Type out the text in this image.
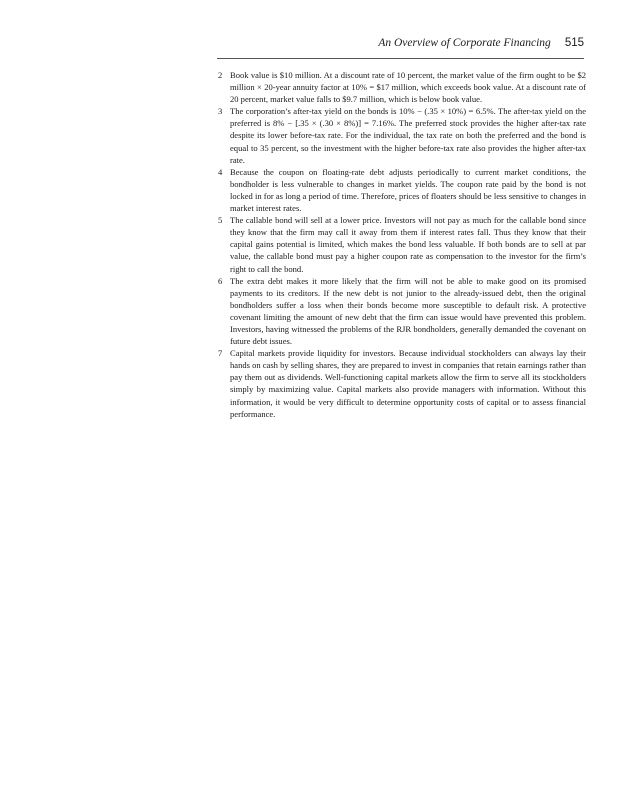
An Overview of Corporate Financing 515
2 Book value is $10 million. At a discount rate of 10 percent, the market value of the firm ought to be $2 million × 20-year annuity factor at 10% = $17 million, which exceeds book value. At a discount rate of 20 percent, market value falls to $9.7 million, which is below book value.
3 The corporation’s after-tax yield on the bonds is 10% − (.35 × 10%) = 6.5%. The after-tax yield on the preferred is 8% − [.35 × (.30 × 8%)] = 7.16%. The preferred stock provides the higher after-tax rate despite its lower before-tax rate. For the individual, the tax rate on both the preferred and the bond is equal to 35 percent, so the investment with the higher before-tax rate also provides the higher after-tax rate.
4 Because the coupon on floating-rate debt adjusts periodically to current market conditions, the bondholder is less vulnerable to changes in market yields. The coupon rate paid by the bond is not locked in for as long a period of time. Therefore, prices of floaters should be less sensitive to changes in market interest rates.
5 The callable bond will sell at a lower price. Investors will not pay as much for the callable bond since they know that the firm may call it away from them if interest rates fall. Thus they know that their capital gains potential is limited, which makes the bond less valuable. If both bonds are to sell at par value, the callable bond must pay a higher coupon rate as compensation to the investor for the firm’s right to call the bond.
6 The extra debt makes it more likely that the firm will not be able to make good on its promised payments to its creditors. If the new debt is not junior to the already-issued debt, then the original bondholders suffer a loss when their bonds become more susceptible to default risk. A protective covenant limiting the amount of new debt that the firm can issue would have prevented this problem. Investors, having witnessed the problems of the RJR bondholders, generally demanded the covenant on future debt issues.
7 Capital markets provide liquidity for investors. Because individual stockholders can always lay their hands on cash by selling shares, they are prepared to invest in companies that retain earnings rather than pay them out as dividends. Well-functioning capital markets allow the firm to serve all its stockholders simply by maximizing value. Capital markets also provide managers with information. Without this information, it would be very difficult to determine opportunity costs of capital or to assess financial performance.
